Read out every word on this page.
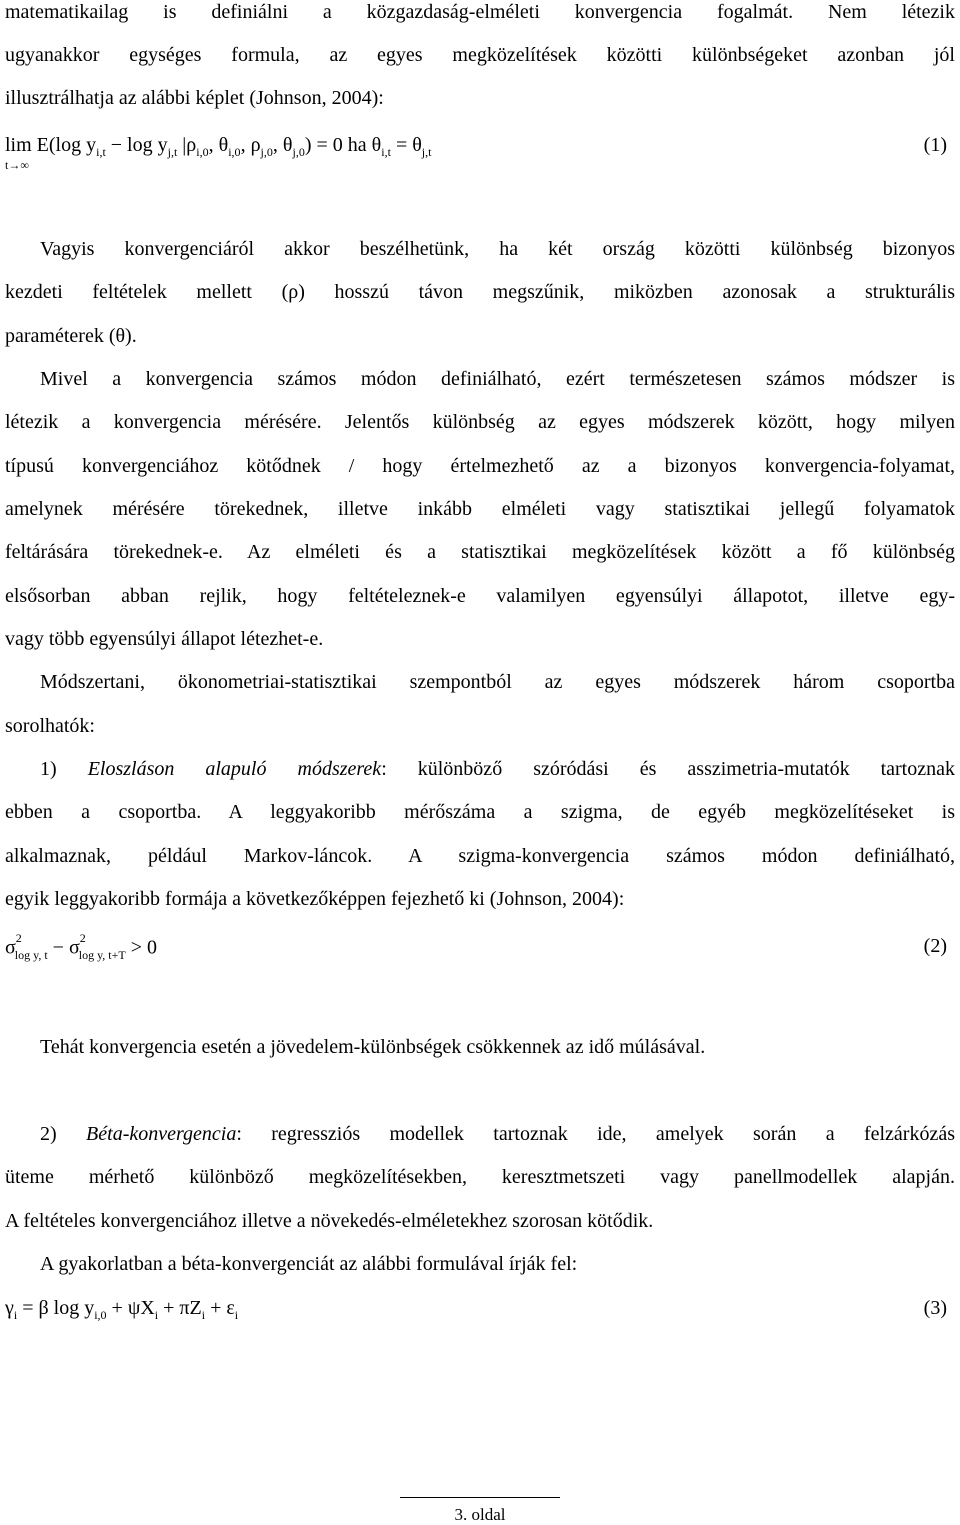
matematikailag is definiálni a közgazdaság-elméleti konvergencia fogalmát. Nem létezik
ugyanakkor egységes formula, az egyes megközelítések közötti különbségeket azonban jól
illusztrálhatja az alábbi képlet (Johnson, 2004):
lim
t→∞
E(log $y_{i,t} - \log y_{j,t}$ $|\rho_{i,0}$, $\theta_{i,0}$, $\rho_{j,0}$, $\theta_{j,0}) = 0$ ha $\theta_{i,t} = \theta_{j,t}$	(1)
Vagyis konvergenciáról akkor beszélhetünk, ha két ország közötti különbség bizonyos
kezdeti feltételek mellett (ρ) hosszú távon megszűnik, miközben azonosak a strukturális
paraméterek (θ).
Mivel a konvergencia számos módon definiálható, ezért természetesen számos módszer is
létezik a konvergencia mérésére. Jelentős különbség az egyes módszerek között, hogy milyen
típusú konvergenciához kötődnek / hogy értelmezhető az a bizonyos konvergencia-folyamat,
amelynek mérésére törekednek, illetve inkább elméleti vagy statisztikai jellegű folyamatok
feltárására törekednek-e. Az elméleti és a statisztikai megközelítések között a fő különbség
elsősorban abban rejlik, hogy feltételeznek-e valamilyen egyensúlyi állapotot, illetve egy-
vagy több egyensúlyi állapot létezhet-e.
Módszertani, ökonometriai-statisztikai szempontból az egyes módszerek három csoportba
sorolhatók:
1) Eloszláson alapuló módszerek: különböző szóródási és asszimetria-mutatók tartoznak
ebben a csoportba. A leggyakoribb mérőszáma a szigma, de egyéb megközelítéseket is
alkalmaznak, például Markov-láncok. A szigma-konvergencia számos módon definiálható,
egyik leggyakoribb formája a következőképpen fejezhető ki (Johnson, 2004):
$\sigma^2_{log y, t} - \sigma^2_{log y, t+T} > 0$	(2)
Tehát konvergencia esetén a jövedelem-különbségek csökkennek az idő múlásával.
2) Béta-konvergencia: regressziós modellek tartoznak ide, amelyek során a felzárkózás
üteme mérhető különböző megközelítésekben, keresztmetszeti vagy panellmodellek alapján.
A feltételes konvergenciához illetve a növekedés-elméletekhez szorosan kötődik.
A gyakorlatban a béta-konvergenciát az alábbi formulával írják fel:
$\gamma_i = \beta$ $\log y_{i,0} + \psi X_i + \pi Z_i + \varepsilon_i$	(3)
3. oldal
